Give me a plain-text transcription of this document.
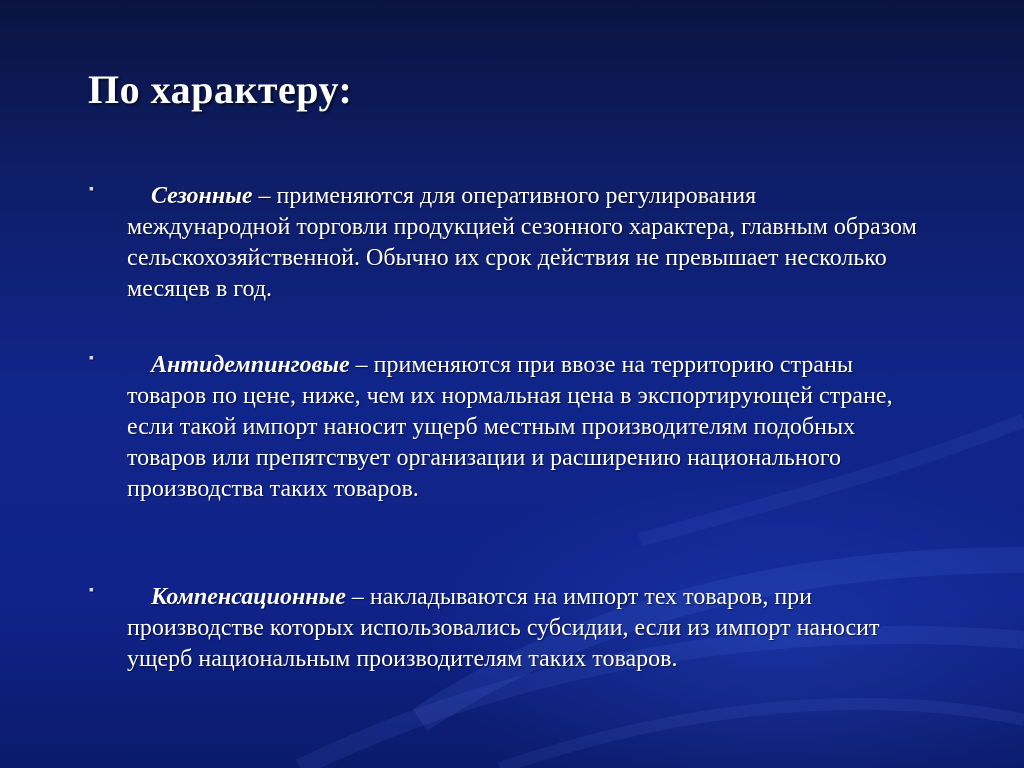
По характеру:
▪ Сезонные – применяются для оперативного регулирования международной торговли продукцией сезонного характера, главным образом сельскохозяйственной. Обычно их срок действия не превышает несколько месяцев в год.
▪ Антидемпинговые – применяются при ввозе на территорию страны товаров по цене, ниже, чем их нормальная цена в экспортирующей стране, если такой импорт наносит ущерб местным производителям подобных товаров или препятствует организации и расширению национального производства таких товаров.
▪ Компенсационные – накладываются на импорт тех товаров, при производстве которых использовались субсидии, если из импорт наносит ущерб национальным производителям таких товаров.
